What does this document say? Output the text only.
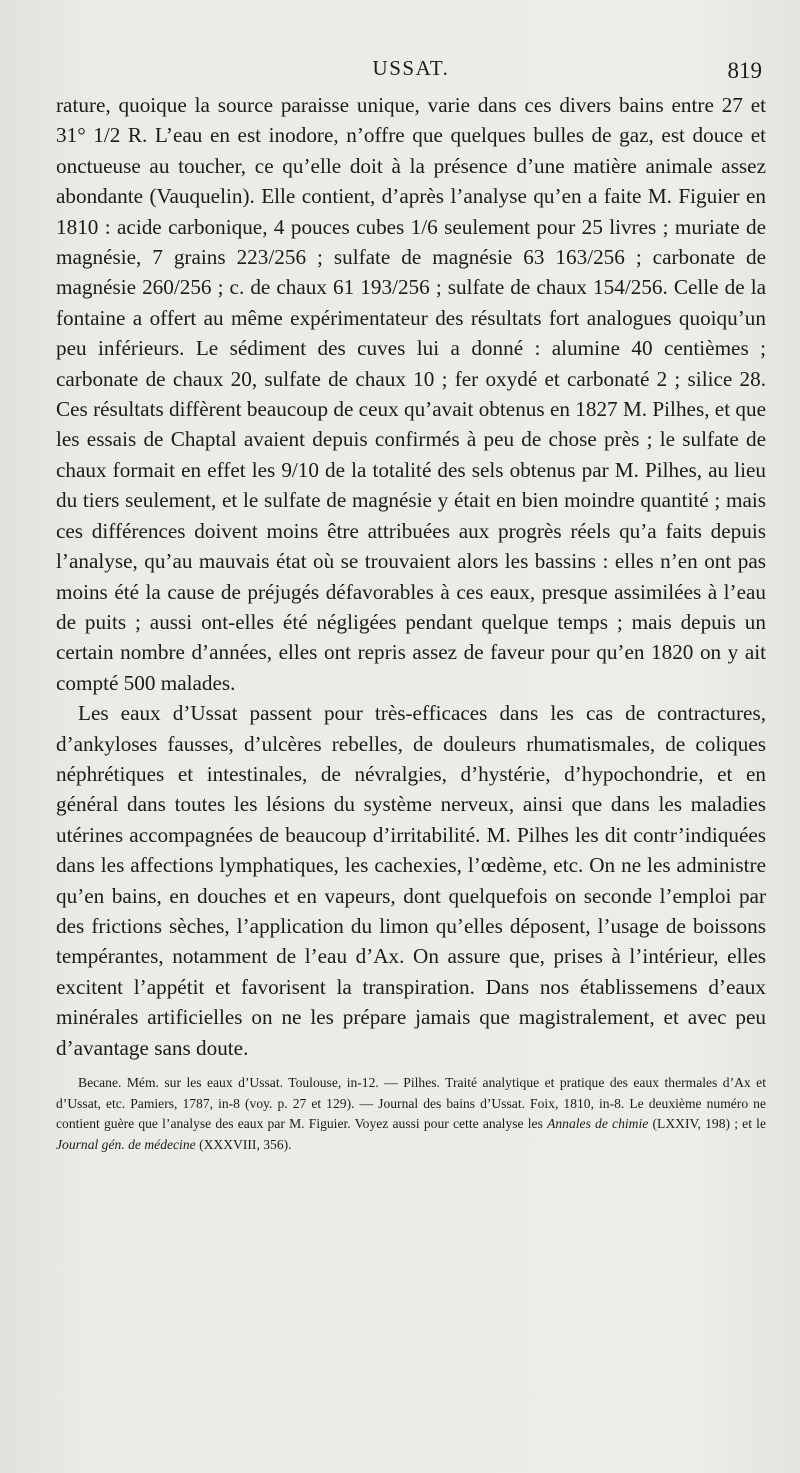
USSAT.	819

rature, quoique la source paraisse unique, varie dans ces divers bains entre 27 et 31° 1/2 R. L’eau en est inodore, n’offre que quelques bulles de gaz, est douce et onctueuse au toucher, ce qu’elle doit à la présence d’une matière animale assez abondante (Vauquelin). Elle contient, d’après l’analyse qu’en a faite M. Figuier en 1810 : acide carbonique, 4 pouces cubes 1/6 seulement pour 25 livres ; muriate de magnésie, 7 grains 223/256 ; sulfate de magnésie 63 163/256 ; carbonate de magnésie 260/256 ; c. de chaux 61 193/256 ; sulfate de chaux 154/256. Celle de la fontaine a offert au même expérimentateur des résultats fort analogues quoiqu’un peu inférieurs. Le sédiment des cuves lui a donné : alumine 40 centièmes ; carbonate de chaux 20, sulfate de chaux 10 ; fer oxydé et carbonaté 2 ; silice 28. Ces résultats diffèrent beaucoup de ceux qu’avait obtenus en 1827 M. Pilhes, et que les essais de Chaptal avaient depuis confirmés à peu de chose près ; le sulfate de chaux formait en effet les 9/10 de la totalité des sels obtenus par M. Pilhes, au lieu du tiers seulement, et le sulfate de magnésie y était en bien moindre quantité ; mais ces différences doivent moins être attribuées aux progrès réels qu’a faits depuis l’analyse, qu’au mauvais état où se trouvaient alors les bassins : elles n’en ont pas moins été la cause de préjugés défavorables à ces eaux, presque assimilées à l’eau de puits ; aussi ont-elles été négligées pendant quelque temps ; mais depuis un certain nombre d’années, elles ont repris assez de faveur pour qu’en 1820 on y ait compté 500 malades.

Les eaux d’Ussat passent pour très-efficaces dans les cas de contractures, d’ankyloses fausses, d’ulcères rebelles, de douleurs rhumatismales, de coliques néphrétiques et intestinales, de névralgies, d’hystérie, d’hypochondrie, et en général dans toutes les lésions du système nerveux, ainsi que dans les maladies utérines accompagnées de beaucoup d’irritabilité. M. Pilhes les dit contr’indiquées dans les affections lymphatiques, les cachexies, l’œdème, etc. On ne les administre qu’en bains, en douches et en vapeurs, dont quelquefois on seconde l’emploi par des frictions sèches, l’application du limon qu’elles déposent, l’usage de boissons tempérantes, notamment de l’eau d’Ax. On assure que, prises à l’intérieur, elles excitent l’appétit et favorisent la transpiration. Dans nos établissemens d’eaux minérales artificielles on ne les prépare jamais que magistralement, et avec peu d’avantage sans doute.

Becane. Mém. sur les eaux d’Ussat. Toulouse, in-12. — Pilhes. Traité analytique et pratique des eaux thermales d’Ax et d’Ussat, etc. Pamiers, 1787, in-8 (voy. p. 27 et 129). — Journal des bains d’Ussat. Foix, 1810, in-8. Le deuxième numéro ne contient guère que l’analyse des eaux par M. Figuier. Voyez aussi pour cette analyse les Annales de chimie (LXXIV, 198) ; et le Journal gén. de médecine (XXXVIII, 356).
